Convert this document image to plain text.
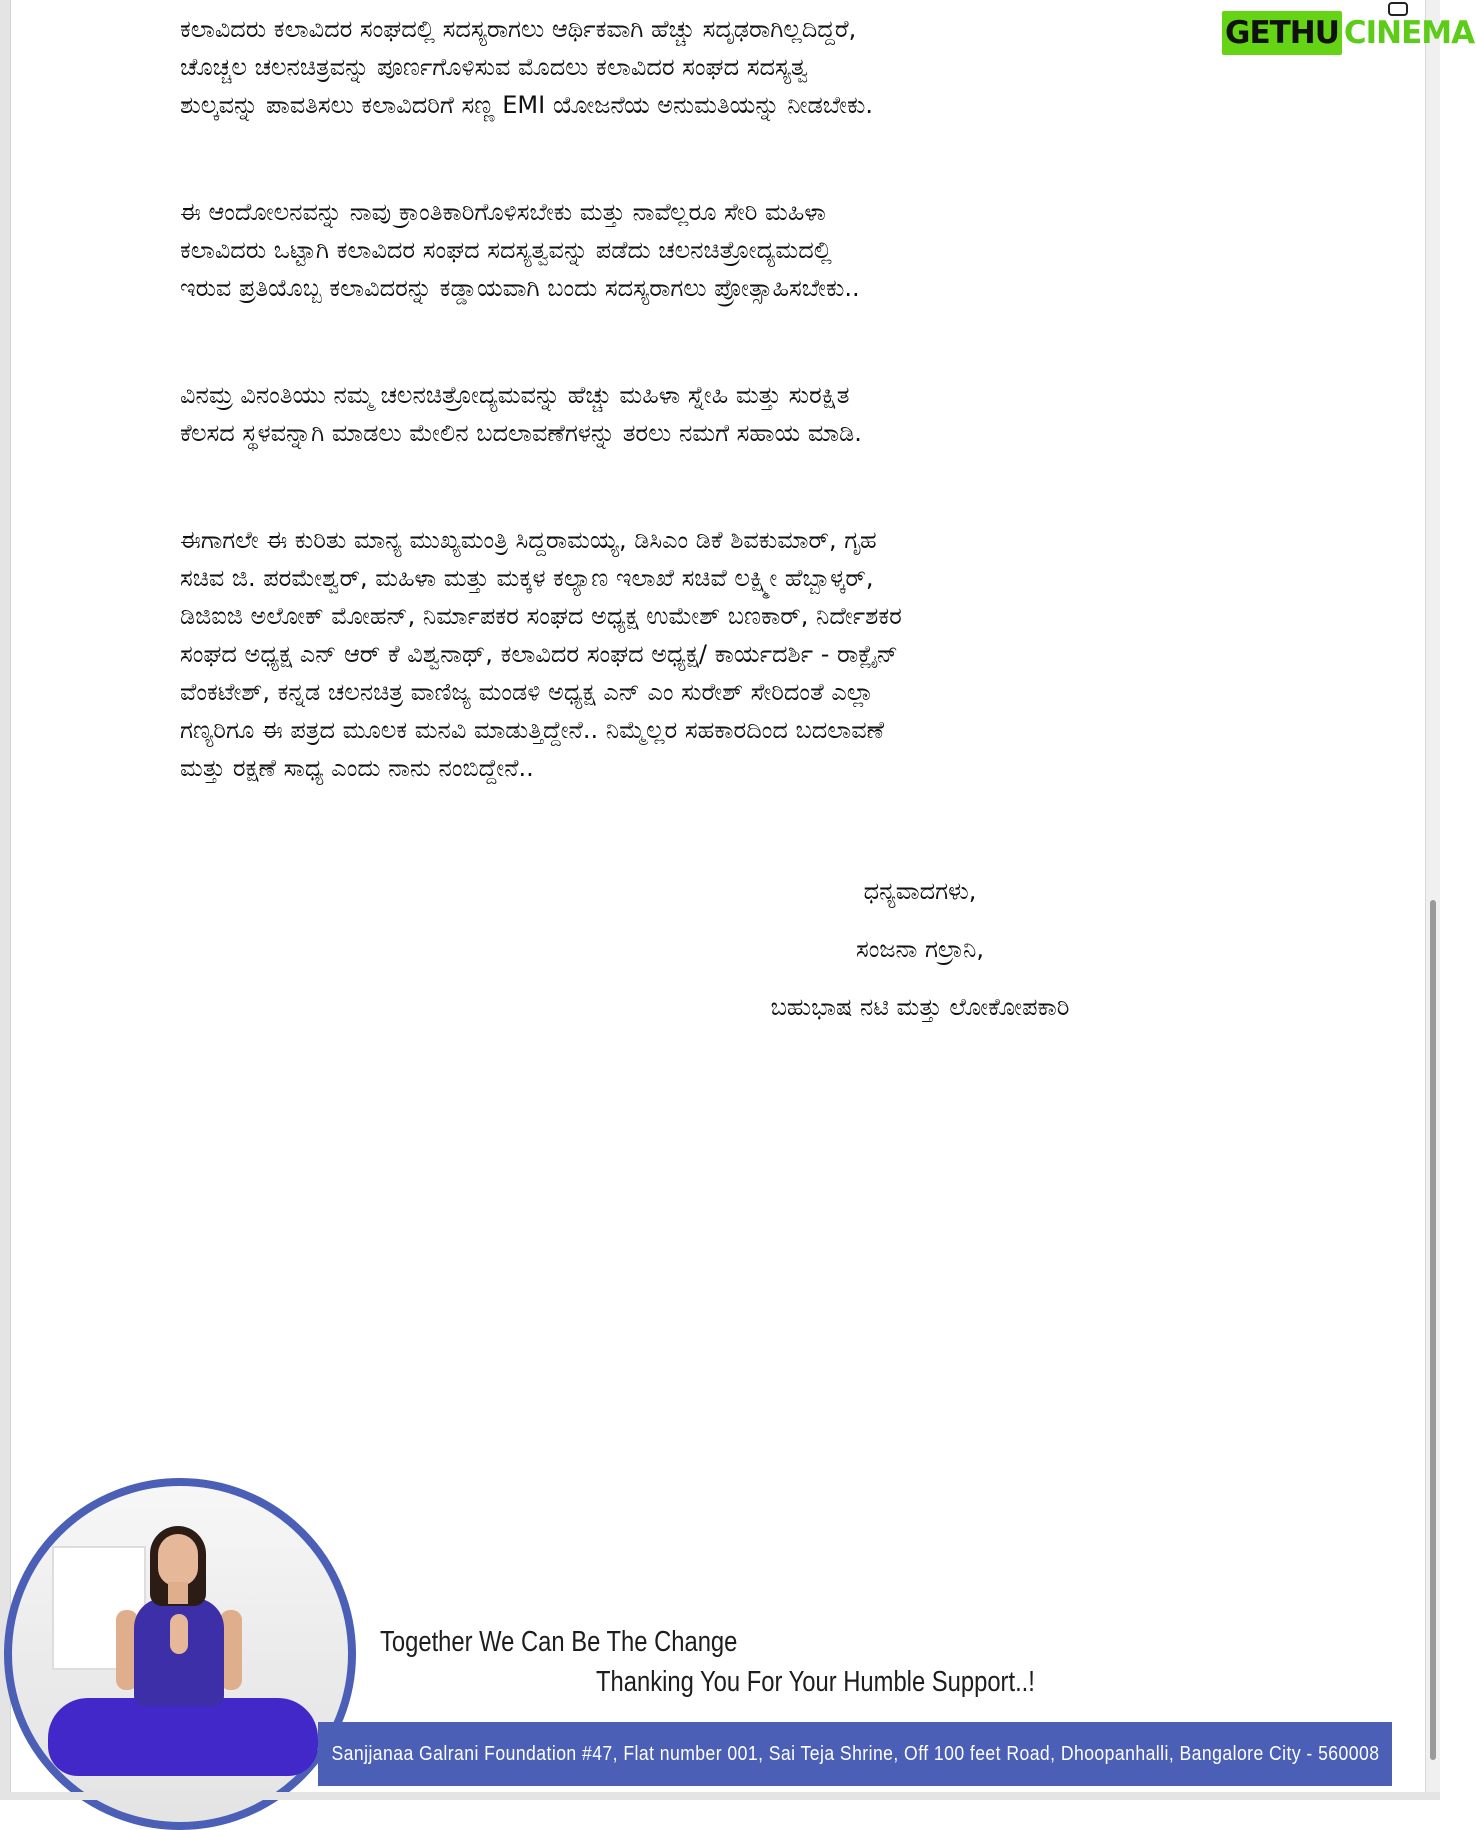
GETHU CINEMA

ಕಲಾವಿದರು ಕಲಾವಿದರ ಸಂಘದಲ್ಲಿ ಸದಸ್ಯರಾಗಲು ಆರ್ಥಿಕವಾಗಿ ಹೆಚ್ಚು ಸದೃಢರಾಗಿಲ್ಲದಿದ್ದರೆ,
ಚೊಚ್ಚಲ ಚಲನಚಿತ್ರವನ್ನು ಪೂರ್ಣಗೊಳಿಸುವ ಮೊದಲು ಕಲಾವಿದರ ಸಂಘದ ಸದಸ್ಯತ್ವ
ಶುಲ್ಕವನ್ನು ಪಾವತಿಸಲು ಕಲಾವಿದರಿಗೆ ಸಣ್ಣ EMI ಯೋಜನೆಯ ಅನುಮತಿಯನ್ನು ನೀಡಬೇಕು.

ಈ ಆಂದೋಲನವನ್ನು ನಾವು ಕ್ರಾಂತಿಕಾರಿಗೊಳಿಸಬೇಕು ಮತ್ತು ನಾವೆಲ್ಲರೂ ಸೇರಿ ಮಹಿಳಾ
ಕಲಾವಿದರು ಒಟ್ಟಾಗಿ ಕಲಾವಿದರ ಸಂಘದ ಸದಸ್ಯತ್ವವನ್ನು ಪಡೆದು ಚಲನಚಿತ್ರೋದ್ಯಮದಲ್ಲಿ
ಇರುವ ಪ್ರತಿಯೊಬ್ಬ ಕಲಾವಿದರನ್ನು ಕಡ್ಡಾಯವಾಗಿ ಬಂದು ಸದಸ್ಯರಾಗಲು ಪ್ರೋತ್ಸಾಹಿಸಬೇಕು..

ವಿನಮ್ರ ವಿನಂತಿಯು ನಮ್ಮ ಚಲನಚಿತ್ರೋದ್ಯಮವನ್ನು ಹೆಚ್ಚು ಮಹಿಳಾ ಸ್ನೇಹಿ ಮತ್ತು ಸುರಕ್ಷಿತ
ಕೆಲಸದ ಸ್ಥಳವನ್ನಾಗಿ ಮಾಡಲು ಮೇಲಿನ ಬದಲಾವಣೆಗಳನ್ನು ತರಲು ನಮಗೆ ಸಹಾಯ ಮಾಡಿ.

ಈಗಾಗಲೇ ಈ ಕುರಿತು ಮಾನ್ಯ ಮುಖ್ಯಮಂತ್ರಿ ಸಿದ್ದರಾಮಯ್ಯ, ಡಿಸಿಎಂ ಡಿಕೆ ಶಿವಕುಮಾರ್, ಗೃಹ
ಸಚಿವ ಜಿ. ಪರಮೇಶ್ವರ್, ಮಹಿಳಾ ಮತ್ತು ಮಕ್ಕಳ ಕಲ್ಯಾಣ ಇಲಾಖೆ ಸಚಿವೆ ಲಕ್ಷ್ಮೀ ಹೆಬ್ಬಾಳ್ಕರ್,
ಡಿಜಿಐಜಿ ಅಲೋಕ್ ಮೋಹನ್, ನಿರ್ಮಾಪಕರ ಸಂಘದ ಅಧ್ಯಕ್ಷ ಉಮೇಶ್ ಬಣಕಾರ್, ನಿರ್ದೇಶಕರ
ಸಂಘದ ಅಧ್ಯಕ್ಷ ಎನ್ ಆರ್ ಕೆ ವಿಶ್ವನಾಥ್, ಕಲಾವಿದರ ಸಂಘದ ಅಧ್ಯಕ್ಷ/ ಕಾರ್ಯದರ್ಶಿ - ರಾಕ್ಲೈನ್
ವೆಂಕಟೇಶ್, ಕನ್ನಡ ಚಲನಚಿತ್ರ ವಾಣಿಜ್ಯ ಮಂಡಳಿ ಅಧ್ಯಕ್ಷ ಎನ್ ಎಂ ಸುರೇಶ್ ಸೇರಿದಂತೆ ಎಲ್ಲಾ
ಗಣ್ಯರಿಗೂ ಈ ಪತ್ರದ ಮೂಲಕ ಮನವಿ ಮಾಡುತ್ತಿದ್ದೇನೆ.. ನಿಮ್ಮೆಲ್ಲರ ಸಹಕಾರದಿಂದ ಬದಲಾವಣೆ
ಮತ್ತು ರಕ್ಷಣೆ ಸಾಧ್ಯ ಎಂದು ನಾನು ನಂಬಿದ್ದೇನೆ..

ಧನ್ಯವಾದಗಳು,
ಸಂಜನಾ ಗಲ್ರಾನಿ,
ಬಹುಭಾಷ ನಟಿ ಮತ್ತು ಲೋಕೋಪಕಾರಿ
Together We Can Be The Change
Thanking You For Your Humble Support..!
Sanjjanaa Galrani Foundation #47, Flat number 001, Sai Teja Shrine, Off 100 feet Road, Dhoopanhalli, Bangalore City - 560008
